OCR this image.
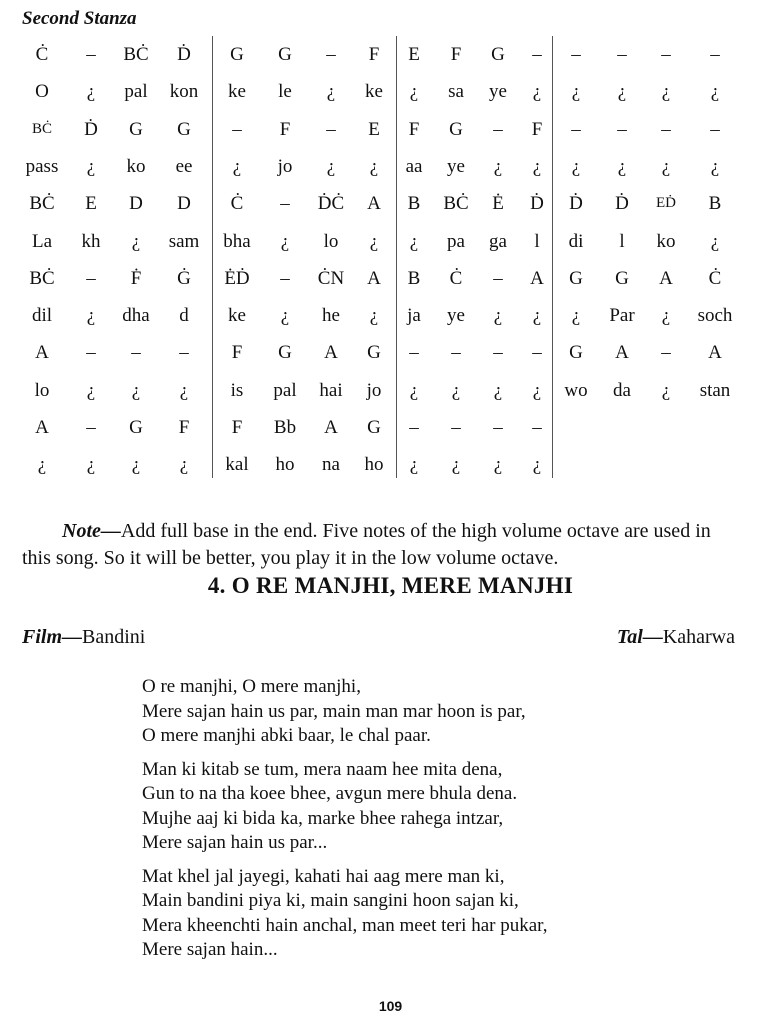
Second Stanza
Ċ	–	BĊ	Ḋ	G	G	–	F	E	F	G	–	–	–	–	–
O	¿	pal	kon	ke	le	¿	ke	¿	sa	ye	¿	¿	¿	¿	¿
BĊ	Ḋ	G	G	–	F	–	E	F	G	–	F	–	–	–	–
pass	¿	ko	ee	¿	jo	¿	¿	aa	ye	¿	¿	¿	¿	¿	¿
BĊ	E	D	D	Ċ	–	ḊĊ	A	B	BĊ	Ė	Ḋ	Ḋ	Ḋ	EḊ	B
La	kh	¿	sam	bha	¿	lo	¿	¿	pa	ga	l	di	l	ko	¿
BĊ	–	Ḟ	Ġ	ĖḊ	–	ĊN	A	B	Ċ	–	A	G	G	A	Ċ
dil	¿	dha	d	ke	¿	he	¿	ja	ye	¿	¿	¿	Par	¿	soch
A	–	–	–	F	G	A	G	–	–	–	–	G	A	–	A
lo	¿	¿	¿	is	pal	hai	jo	¿	¿	¿	¿	wo	da	¿	stan
A	–	G	F	F	Bb	A	G	–	–	–	–
¿	¿	¿	¿	kal	ho	na	ho	¿	¿	¿	¿

Note—Add full base in the end. Five notes of the high volume octave are used in this song. So it will be better, you play it in the low volume octave.

4. O RE MANJHI, MERE MANJHI
Film—Bandini	Tal—Kaharwa
O re manjhi, O mere manjhi,
Mere sajan hain us par, main man mar hoon is par,
O mere manjhi abki baar, le chal paar.
Man ki kitab se tum, mera naam hee mita dena,
Gun to na tha koee bhee, avgun mere bhula dena.
Mujhe aaj ki bida ka, marke bhee rahega intzar,
Mere sajan hain us par...
Mat khel jal jayegi, kahati hai aag mere man ki,
Main bandini piya ki, main sangini hoon sajan ki,
Mera kheenchti hain anchal, man meet teri har pukar,
Mere sajan hain...
109
